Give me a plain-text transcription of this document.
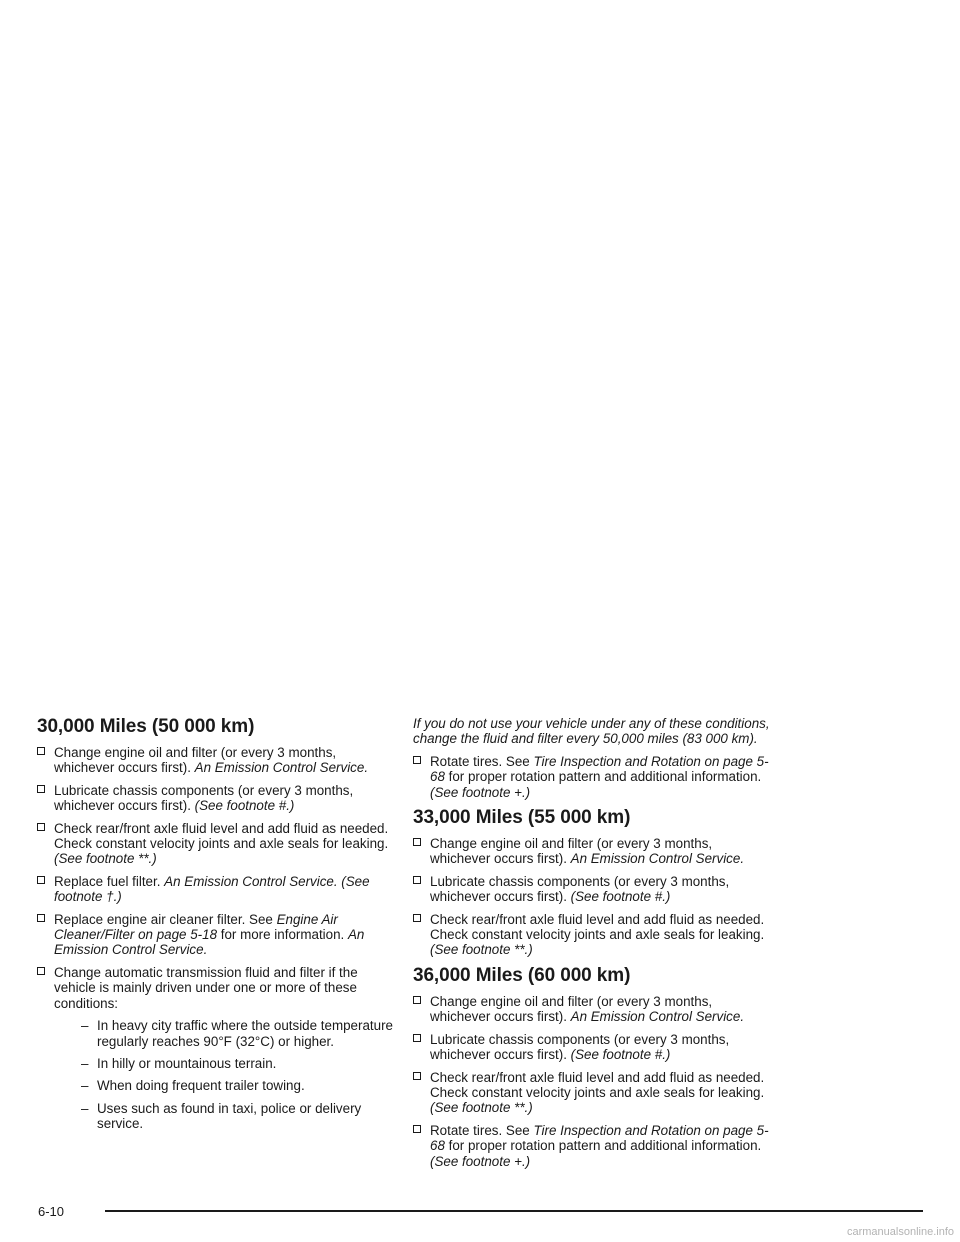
30,000 Miles (50 000 km)
Change engine oil and filter (or every 3 months, whichever occurs first). An Emission Control Service.
Lubricate chassis components (or every 3 months, whichever occurs first). (See footnote #.)
Check rear/front axle fluid level and add fluid as needed. Check constant velocity joints and axle seals for leaking. (See footnote **.)
Replace fuel filter. An Emission Control Service. (See footnote †.)
Replace engine air cleaner filter. See Engine Air Cleaner/Filter on page 5-18 for more information. An Emission Control Service.
Change automatic transmission fluid and filter if the vehicle is mainly driven under one or more of these conditions:
– In heavy city traffic where the outside temperature regularly reaches 90°F (32°C) or higher.
– In hilly or mountainous terrain.
– When doing frequent trailer towing.
– Uses such as found in taxi, police or delivery service.

If you do not use your vehicle under any of these conditions, change the fluid and filter every 50,000 miles (83 000 km).

Rotate tires. See Tire Inspection and Rotation on page 5-68 for proper rotation pattern and additional information. (See footnote +.)
33,000 Miles (55 000 km)
Change engine oil and filter (or every 3 months, whichever occurs first). An Emission Control Service.
Lubricate chassis components (or every 3 months, whichever occurs first). (See footnote #.)
Check rear/front axle fluid level and add fluid as needed. Check constant velocity joints and axle seals for leaking. (See footnote **.)
36,000 Miles (60 000 km)
Change engine oil and filter (or every 3 months, whichever occurs first). An Emission Control Service.
Lubricate chassis components (or every 3 months, whichever occurs first). (See footnote #.)
Check rear/front axle fluid level and add fluid as needed. Check constant velocity joints and axle seals for leaking. (See footnote **.)
Rotate tires. See Tire Inspection and Rotation on page 5-68 for proper rotation pattern and additional information. (See footnote +.)
6-10
carmanualsonline.info
